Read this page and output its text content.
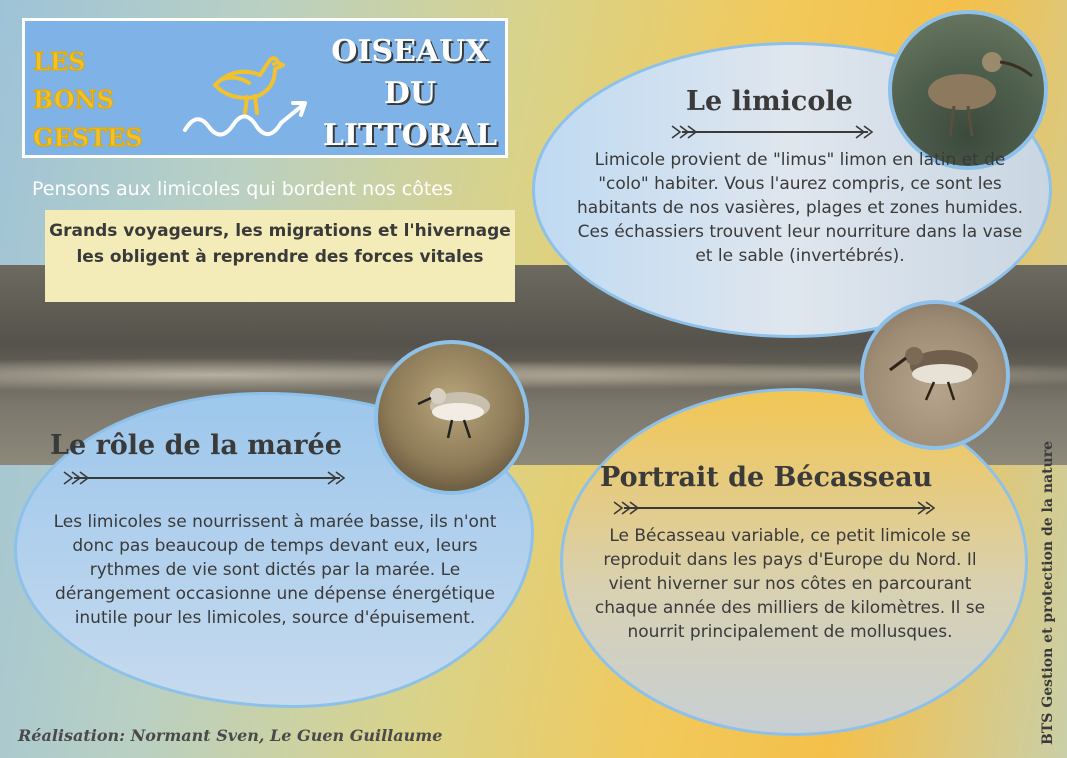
LES
BONS
GESTES
OISEAUX
DU
LITTORAL
Pensons aux limicoles qui bordent nos côtes
Grands voyageurs, les migrations et l'hivernage les obligent à reprendre des forces vitales
Le limicole
Limicole provient de "limus" limon en latin et de "colo" habiter. Vous l'aurez compris, ce sont les habitants de nos vasières, plages et zones humides. Ces échassiers trouvent leur nourriture dans la vase et le sable (invertébrés).
Le rôle de la marée
Les limicoles se nourrissent à marée basse, ils n'ont donc pas beaucoup de temps devant eux, leurs rythmes de vie sont dictés par la marée. Le dérangement occasionne une dépense énergétique inutile pour les limicoles, source d'épuisement.
Portrait de Bécasseau
Le Bécasseau variable, ce petit limicole se reproduit dans les pays d'Europe du Nord. Il vient hiverner sur nos côtes en parcourant chaque année des milliers de kilomètres. Il se nourrit principalement de mollusques.
Réalisation: Normant Sven, Le Guen Guillaume	BTS Gestion et protection de la nature
